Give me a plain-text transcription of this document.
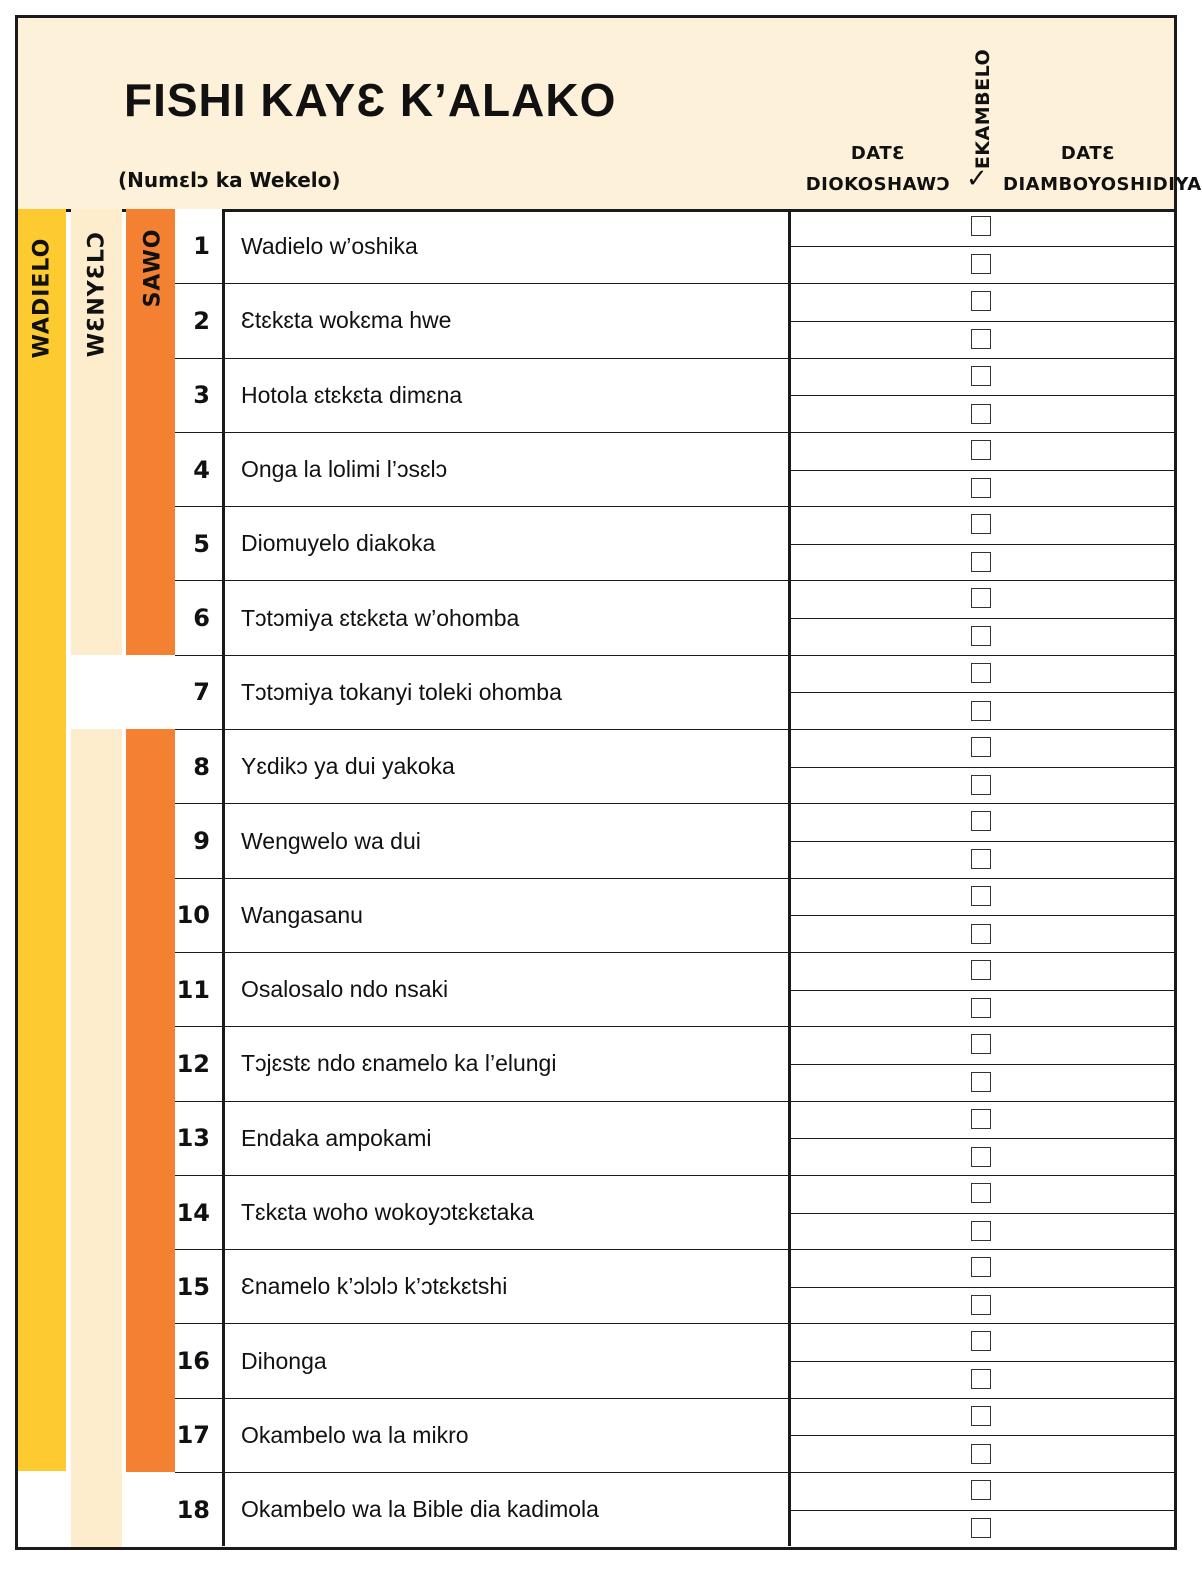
FISHI KAYƐ K’ALAKO
(Numɛlɔ ka Wekelo)
DATƐ
DIOKOSHAWƆ
EKAMBELO
✓
DATƐ
DIAMBOYOSHIDIYA
WADIELO WƐNYƐLƆ SAWO	1	Wadielo w’oshika
2	Ɛtɛkɛta wokɛma hwe
3	Hotola ɛtɛkɛta dimɛna
4	Onga la lolimi l’ɔsɛlɔ
5	Diomuyelo diakoka
6	Tɔtɔmiya ɛtɛkɛta w’ohomba
7	Tɔtɔmiya tokanyi toleki ohomba
8	Yɛdikɔ ya dui yakoka
9	Wengwelo wa dui
10	Wangasanu
11	Osalosalo ndo nsaki
12	Tɔjɛstɛ ndo ɛnamelo ka l’elungi
13	Endaka ampokami
14	Tɛkɛta woho wokoyɔtɛkɛtaka
15	Ɛnamelo k’ɔlɔlɔ k’ɔtɛkɛtshi
16	Dihonga
17	Okambelo wa la mikro
18	Okambelo wa la Bible dia kadimola
